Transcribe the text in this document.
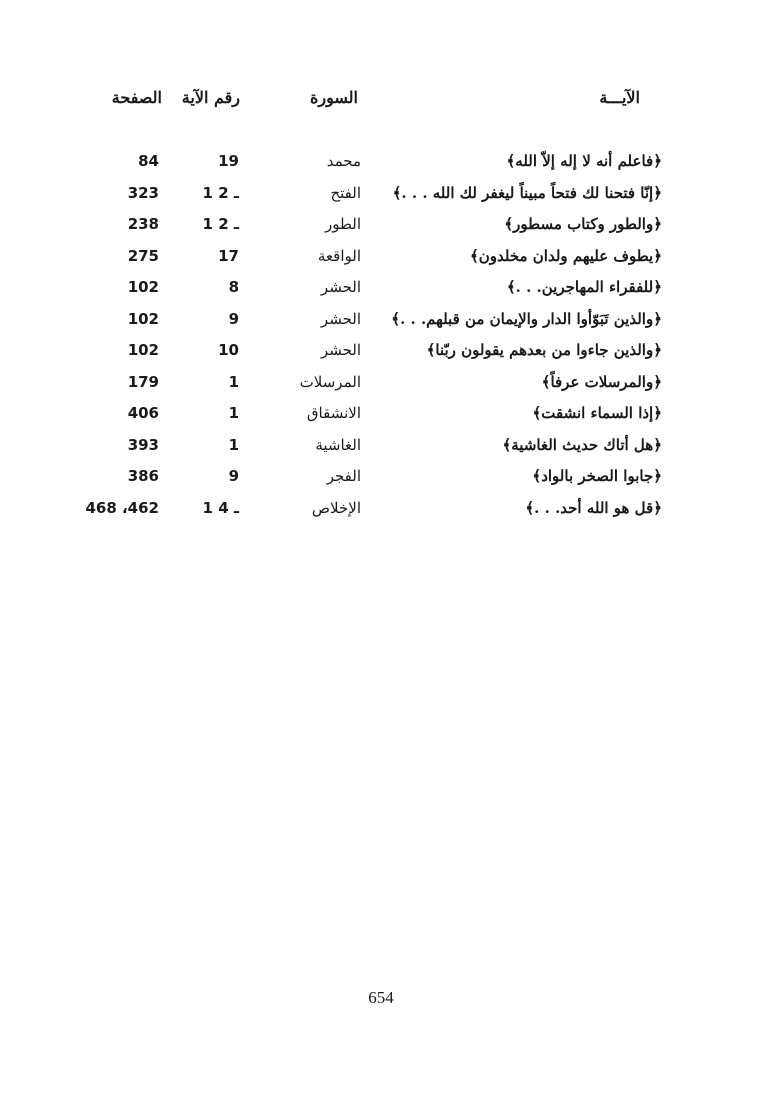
الآيـــة
السورة
رقم الآية
الصفحة
﴿فاعلم أنه لا إله إلاّ الله﴾
محمد
19
84
﴿إنّا فتحنا لك فتحاً مبيناً ليغفر لك الله . . .﴾
الفتح
1 ـ 2
323
﴿والطور وكتاب مسطور﴾
الطور
1 ـ 2
238
﴿يطوف عليهم ولدان مخلدون﴾
الواقعة
17
275
﴿للفقراء المهاجرين. . .﴾
الحشر
8
102
﴿والذين تَبَوّأوا الدار والإيمان من قبلهم. . .﴾
الحشر
9
102
﴿والذين جاءوا من بعدهم يقولون ربّنا﴾
الحشر
10
102
﴿والمرسلات عرفاً﴾
المرسلات
1
179
﴿إذا السماء انشقت﴾
الانشقاق
1
406
﴿هل أتاك حديث الغاشية﴾
الغاشية
1
393
﴿جابوا الصخر بالواد﴾
الفجر
9
386
﴿قل هو الله أحد. . .﴾
الإخلاص
1 ـ 4
468 ،462
654
